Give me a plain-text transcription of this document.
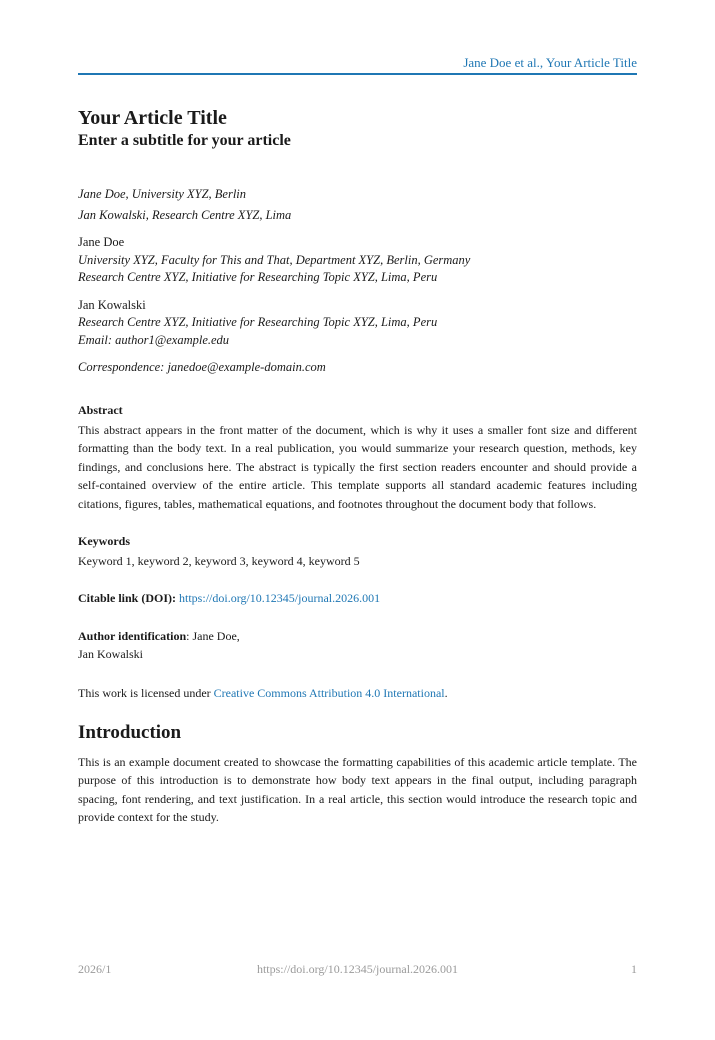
Jane Doe et al., Your Article Title
Your Article Title
Enter a subtitle for your article

Jane Doe, University XYZ, Berlin

Jan Kowalski, Research Centre XYZ, Lima

Jane Doe
University XYZ, Faculty for This and That, Department XYZ, Berlin, Germany
Research Centre XYZ, Initiative for Researching Topic XYZ, Lima, Peru
Jan Kowalski
Research Centre XYZ, Initiative for Researching Topic XYZ, Lima, Peru
Email: author1@example.edu
Correspondence: janedoe@example-domain.com
Abstract

This abstract appears in the front matter of the document, which is why it uses a smaller font size and different formatting than the body text. In a real publication, you would summarize your research question, methods, key findings, and conclusions here. The abstract is typically the first section readers encounter and should provide a self-contained overview of the entire article. This template supports all standard academic features including citations, figures, tables, mathematical equations, and footnotes throughout the document body that follows.

Keywords
Keyword 1, keyword 2, keyword 3, keyword 4, keyword 5
Citable link (DOI): https://doi.org/10.12345/journal.2026.001
Author identification: Jane Doe,
Jan Kowalski
This work is licensed under Creative Commons Attribution 4.0 International.
Introduction

This is an example document created to showcase the formatting capabilities of this academic article template. The purpose of this introduction is to demonstrate how body text appears in the final output, including paragraph spacing, font rendering, and text justification. In a real article, this section would introduce the research topic and provide context for the study.

2026/1	https://doi.org/10.12345/journal.2026.001	1
